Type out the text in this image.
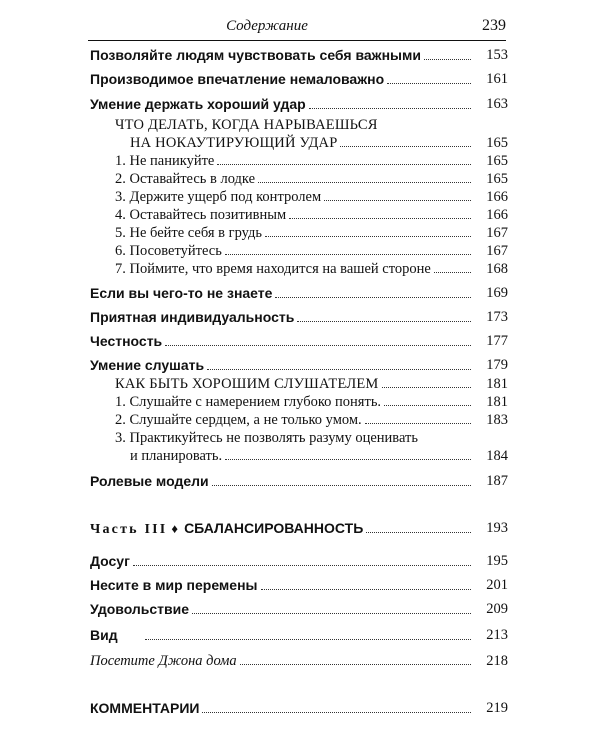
Содержание	239
Позволяйте людям чувствовать себя важными	153
Производимое впечатление немаловажно	161
Умение держать хороший удар	163
ЧТО ДЕЛАТЬ, КОГДА НАРЫВАЕШЬСЯ
НА НОКАУТИРУЮЩИЙ УДАР	165
1. Не паникуйте	165
2. Оставайтесь в лодке	165
3. Держите ущерб под контролем	166
4. Оставайтесь позитивным	166
5. Не бейте себя в грудь	167
6. Посоветуйтесь	167
7. Поймите, что время находится на вашей стороне	168
Если вы чего-то не знаете	169
Приятная индивидуальность	173
Честность	177
Умение слушать	179
КАК БЫТЬ ХОРОШИМ СЛУШАТЕЛЕМ	181
1. Слушайте с намерением глубоко понять.	181
2. Слушайте сердцем, а не только умом.	183
3. Практикуйтесь не позволять разуму оценивать
и планировать.	184
Ролевые модели	187
Часть III ♦ СБАЛАНСИРОВАННОСТЬ	193
Досуг	195
Несите в мир перемены	201
Удовольствие	209
Вид	213
Посетите Джона дома	218
КОММЕНТАРИИ	219
